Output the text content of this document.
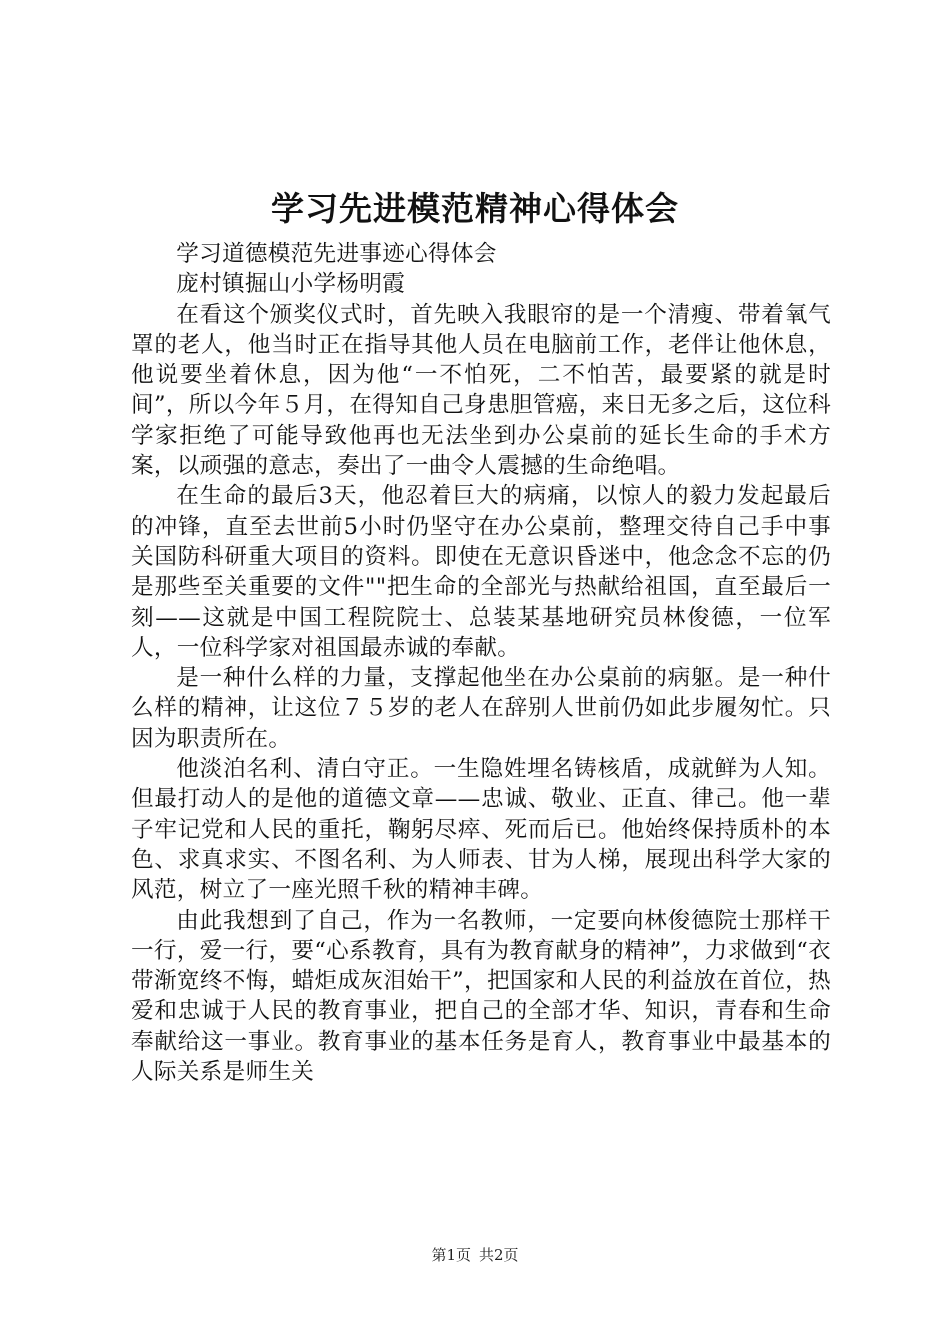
学习先进模范精神心得体会

学习道德模范先进事迹心得体会

庞村镇掘山小学杨明霞

在看这个颁奖仪式时，首先映入我眼帘的是一个清瘦、带着氧气罩的老人，他当时正在指导其他人员在电脑前工作，老伴让他休息，他说要坐着休息，因为他“一不怕死，二不怕苦，最要紧的就是时间”，所以今年５月，在得知自己身患胆管癌，来日无多之后，这位科学家拒绝了可能导致他再也无法坐到办公桌前的延长生命的手术方案，以顽强的意志，奏出了一曲令人震撼的生命绝唱。

在生命的最后3天，他忍着巨大的病痛，以惊人的毅力发起最后的冲锋，直至去世前5小时仍坚守在办公桌前，整理交待自己手中事关国防科研重大项目的资料。即使在无意识昏迷中，他念念不忘的仍是那些至关重要的文件""把生命的全部光与热献给祖国，直至最后一刻——这就是中国工程院院士、总装某基地研究员林俊德，一位军人，一位科学家对祖国最赤诚的奉献。

是一种什么样的力量，支撑起他坐在办公桌前的病躯。是一种什么样的精神，让这位７５岁的老人在辞别人世前仍如此步履匆忙。只因为职责所在。

他淡泊名利、清白守正。一生隐姓埋名铸核盾，成就鲜为人知。但最打动人的是他的道德文章——忠诚、敬业、正直、律己。他一辈子牢记党和人民的重托，鞠躬尽瘁、死而后已。他始终保持质朴的本色、求真求实、不图名利、为人师表、甘为人梯，展现出科学大家的风范，树立了一座光照千秋的精神丰碑。

由此我想到了自己，作为一名教师，一定要向林俊德院士那样干一行，爱一行，要“心系教育，具有为教育献身的精神”，力求做到“衣带渐宽终不悔，蜡炬成灰泪始干”，把国家和人民的利益放在首位，热爱和忠诚于人民的教育事业，把自己的全部才华、知识，青春和生命奉献给这一事业。教育事业的基本任务是育人，教育事业中最基本的人际关系是师生关

第1页 共2页
